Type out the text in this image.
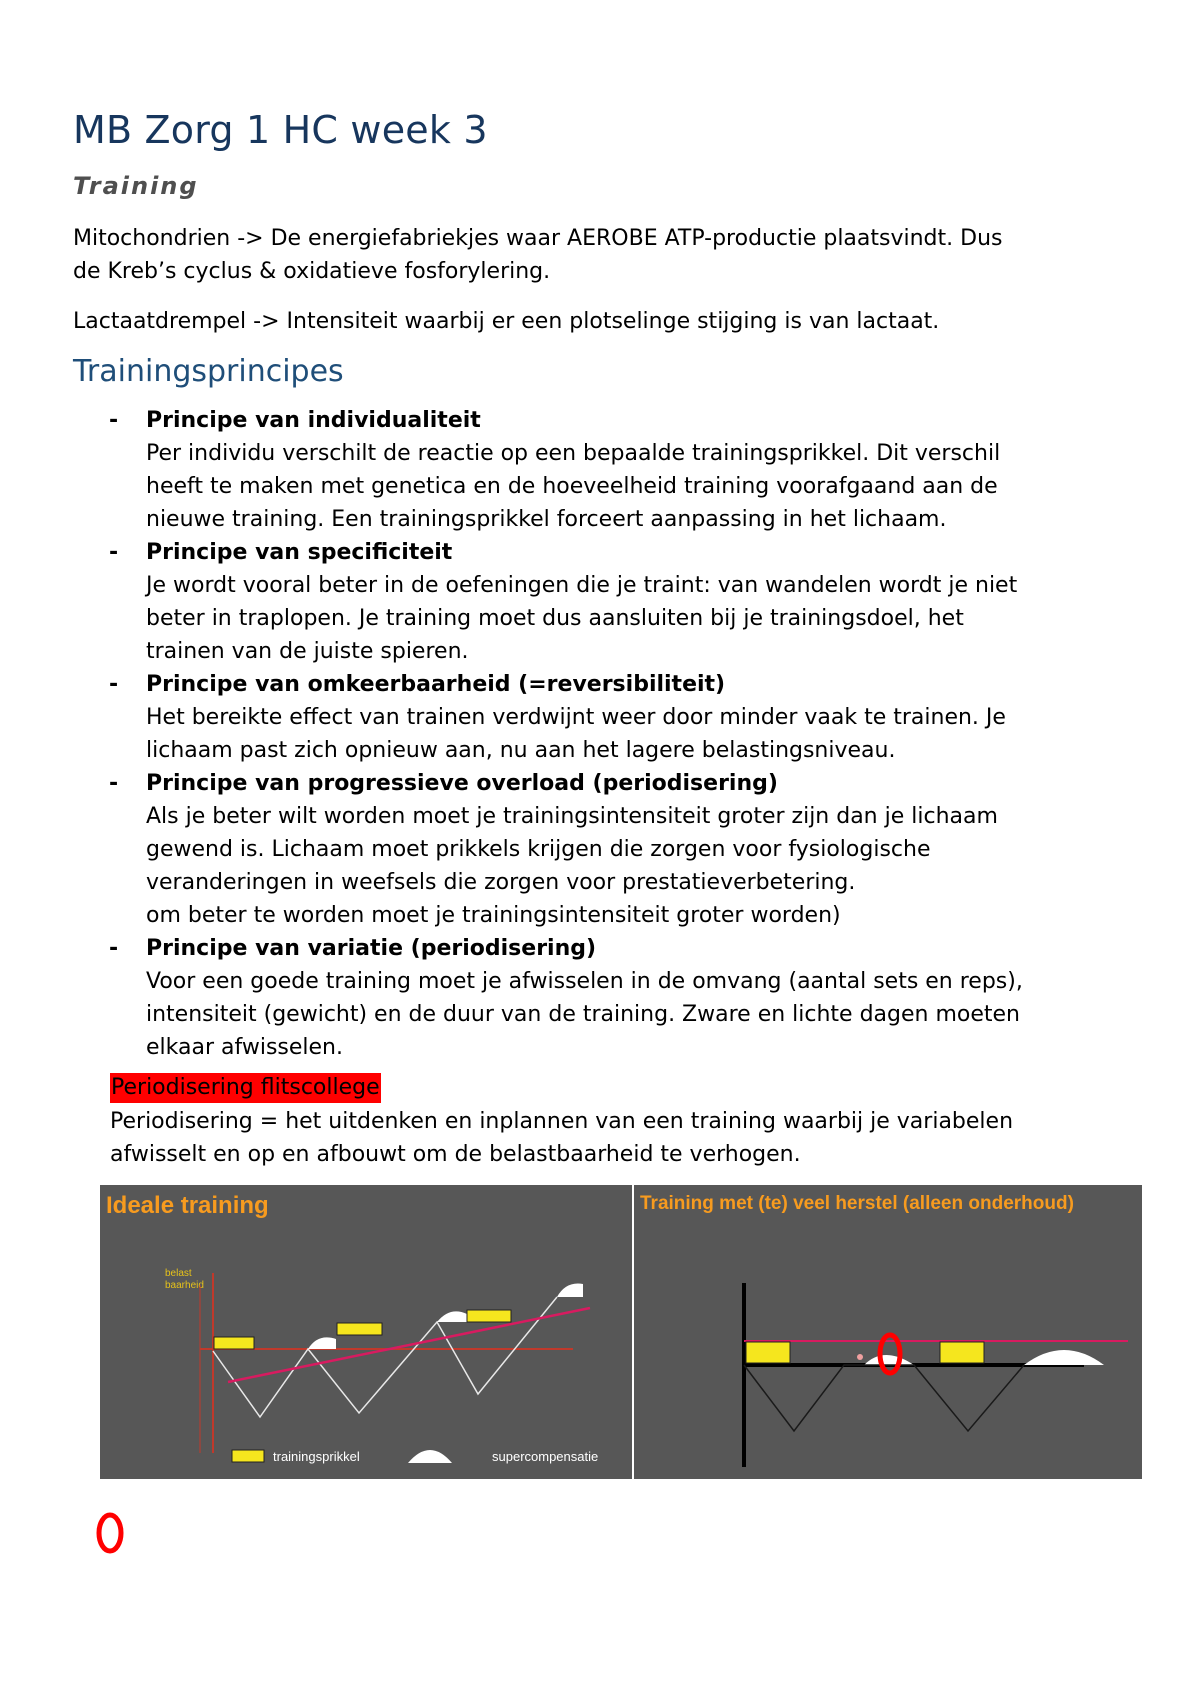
MB Zorg 1 HC week 3
Training

Mitochondrien -> De energiefabriekjes waar AEROBE ATP-productie plaatsvindt. Dus
de Kreb’s cyclus & oxidatieve fosforylering.

Lactaatdrempel -> Intensiteit waarbij er een plotselinge stijging is van lactaat.

Trainingsprincipes
- Principe van individualiteit
Per individu verschilt de reactie op een bepaalde trainingsprikkel. Dit verschil
heeft te maken met genetica en de hoeveelheid training voorafgaand aan de
nieuwe training. Een trainingsprikkel forceert aanpassing in het lichaam.
- Principe van specificiteit
Je wordt vooral beter in de oefeningen die je traint: van wandelen wordt je niet
beter in traplopen. Je training moet dus aansluiten bij je trainingsdoel, het
trainen van de juiste spieren.
- Principe van omkeerbaarheid (=reversibiliteit)
Het bereikte effect van trainen verdwijnt weer door minder vaak te trainen. Je
lichaam past zich opnieuw aan, nu aan het lagere belastingsniveau.
- Principe van progressieve overload (periodisering)
Als je beter wilt worden moet je trainingsintensiteit groter zijn dan je lichaam
gewend is. Lichaam moet prikkels krijgen die zorgen voor fysiologische
veranderingen in weefsels die zorgen voor prestatieverbetering.
om beter te worden moet je trainingsintensiteit groter worden)
- Principe van variatie (periodisering)
Voor een goede training moet je afwisselen in de omvang (aantal sets en reps),
intensiteit (gewicht) en de duur van de training. Zware en lichte dagen moeten
elkaar afwisselen.
Periodisering flitscollege

Periodisering = het uitdenken en inplannen van een training waarbij je variabelen
afwisselt en op en afbouwt om de belastbaarheid te verhogen.

Ideale training
belast
baarheid
trainingsprikkel	supercompensatie
Training met (te) veel herstel (alleen onderhoud)
